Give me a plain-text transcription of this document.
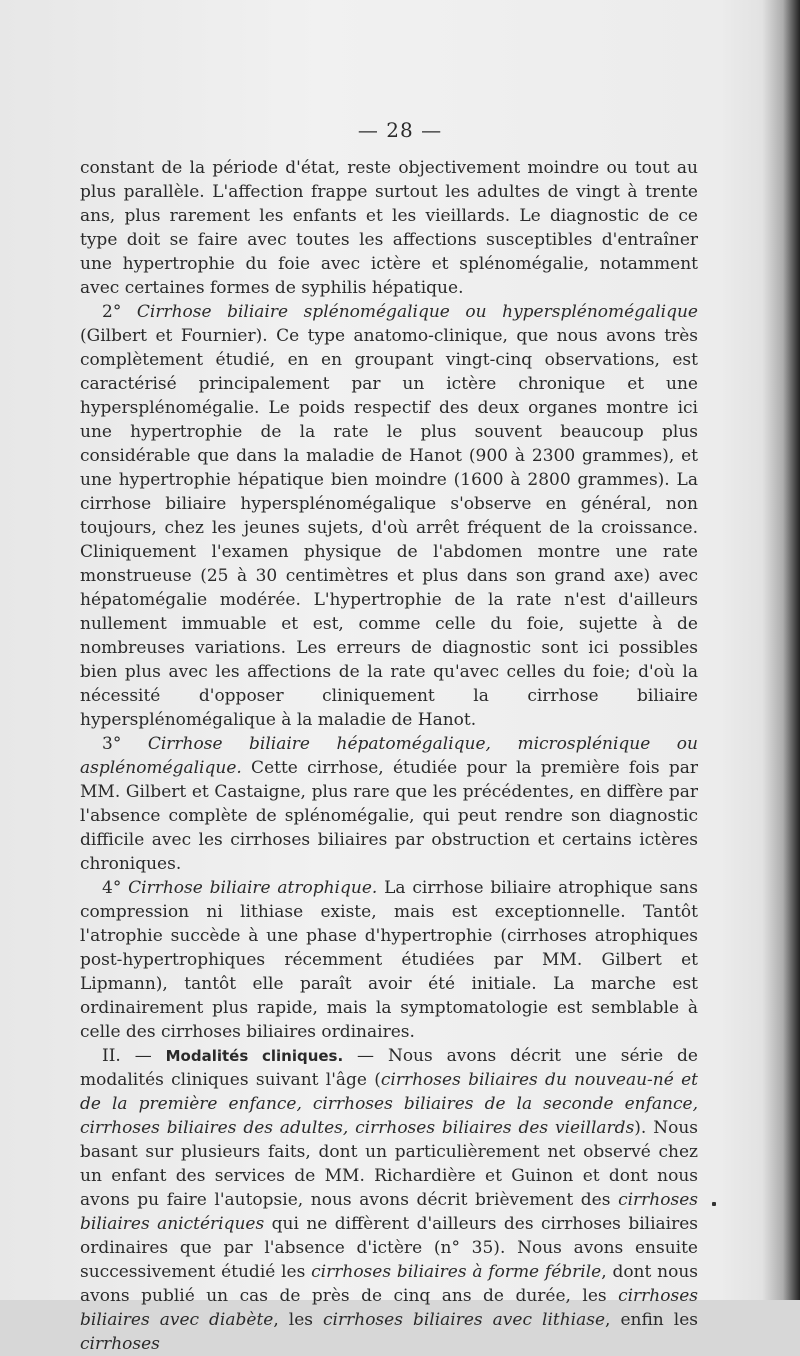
— 28 —

constant de la période d'état, reste objectivement moindre ou tout au plus parallèle. L'affection frappe surtout les adultes de vingt à trente ans, plus rarement les enfants et les vieillards. Le diagnostic de ce type doit se faire avec toutes les affections susceptibles d'entraîner une hypertrophie du foie avec ictère et splénomégalie, notamment avec certaines formes de syphilis hépatique.

2° Cirrhose biliaire splénomégalique ou hypersplénomégalique (Gilbert et Fournier). Ce type anatomo-clinique, que nous avons très complètement étudié, en en groupant vingt-cinq observations, est caractérisé principalement par un ictère chronique et une hypersplénomégalie. Le poids respectif des deux organes montre ici une hypertrophie de la rate le plus souvent beaucoup plus considérable que dans la maladie de Hanot (900 à 2300 grammes), et une hypertrophie hépatique bien moindre (1600 à 2800 grammes). La cirrhose biliaire hypersplénomégalique s'observe en général, non toujours, chez les jeunes sujets, d'où arrêt fréquent de la croissance. Cliniquement l'examen physique de l'abdomen montre une rate monstrueuse (25 à 30 centimètres et plus dans son grand axe) avec hépatomégalie modérée. L'hypertrophie de la rate n'est d'ailleurs nullement immuable et est, comme celle du foie, sujette à de nombreuses variations. Les erreurs de diagnostic sont ici possibles bien plus avec les affections de la rate qu'avec celles du foie; d'où la nécessité d'opposer cliniquement la cirrhose biliaire hypersplénomégalique à la maladie de Hanot.

3° Cirrhose biliaire hépatomégalique, microsplénique ou asplénomégalique. Cette cirrhose, étudiée pour la première fois par MM. Gilbert et Castaigne, plus rare que les précédentes, en diffère par l'absence complète de splénomégalie, qui peut rendre son diagnostic difficile avec les cirrhoses biliaires par obstruction et certains ictères chroniques.

4° Cirrhose biliaire atrophique. La cirrhose biliaire atrophique sans compression ni lithiase existe, mais est exceptionnelle. Tantôt l'atrophie succède à une phase d'hypertrophie (cirrhoses atrophiques post-hypertrophiques récemment étudiées par MM. Gilbert et Lipmann), tantôt elle paraît avoir été initiale. La marche est ordinairement plus rapide, mais la symptomatologie est semblable à celle des cirrhoses biliaires ordinaires.

II. — Modalités cliniques. — Nous avons décrit une série de modalités cliniques suivant l'âge (cirrhoses biliaires du nouveau-né et de la première enfance, cirrhoses biliaires de la seconde enfance, cirrhoses biliaires des adultes, cirrhoses biliaires des vieillards). Nous basant sur plusieurs faits, dont un particulièrement net observé chez un enfant des services de MM. Richardière et Guinon et dont nous avons pu faire l'autopsie, nous avons décrit brièvement des cirrhoses biliaires anictériques qui ne diffèrent d'ailleurs des cirrhoses biliaires ordinaires que par l'absence d'ictère (n° 35). Nous avons ensuite successivement étudié les cirrhoses biliaires à forme fébrile, dont nous avons publié un cas de près de cinq ans de durée, les cirrhoses biliaires avec diabète, les cirrhoses biliaires avec lithiase, enfin les cirrhoses
